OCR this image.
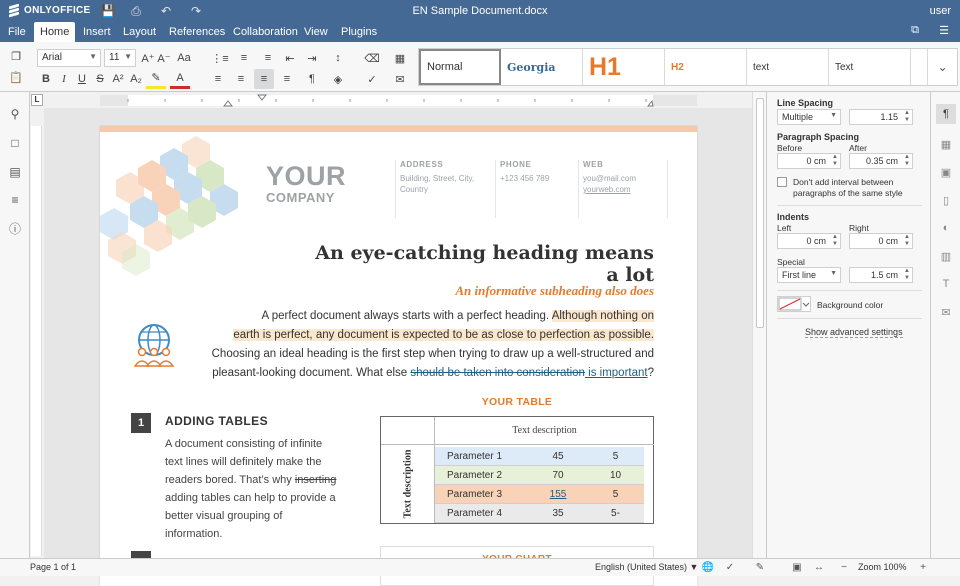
ONLYOFFICE 💾 ⎙ ↶ ↷	EN Sample Document.docx	user
File	Home	Insert	Layout	References Collaboration View	Plugins	⧉	☰
❐
📋
Arial	▼	11 ▼ A⁺ A⁻ Aa
B	I	U S A² A₂ ✎	A
⋮≡	≡	≡	⇤	⇥	↕
≡	≡	≡	≡	¶	◈
⌫	▦
✓	✉
Normal	Georgia H1	H2	text	Text	⌄
⚲
□
▤
≡
ⓘ
L
YOUR
COMPANY
ADDRESS
Building, Street, City,
Country
PHONE
+123 456 789
WEB
you@mail.com
yourweb.com
An eye-catching heading means a lot
An informative subheading also does
A perfect document always starts with a perfect heading. Although nothing on
earth is perfect, any document is expected to be as close to perfection as possible.
Choosing an ideal heading is the first step when trying to draw up a well-structured and
pleasant-looking document. What else should be taken into consideration is important?
1	ADDING TABLES
A document consisting of infinite text lines will definitely make the readers bored. That’s why inserting adding tables can help to provide a better visual grouping of information.
YOUR TABLE
Text description
Text description	Parameter 1	45	5
Parameter 2	70	10
Parameter 3	155	5
Parameter 4	35	5-
Line Spacing
Multiple ▼	1.15 ▲
▼
Paragraph Spacing
Before	After
0 cm ▲
▼	0.35 cm ▲
▼
Don't add interval between paragraphs of the same style
Indents
Left	Right
0 cm ▲
▼	0 cm ▲
▼
Special
First line ▼	1.5 cm ▲
▼
Background color
Show advanced settings
¶
▦
▣
▯
◐
▥
T
✉
Page 1 of 1	English (United States) ▼ 🌐	✓	✎	▣	↔	−	Zoom 100%	+
